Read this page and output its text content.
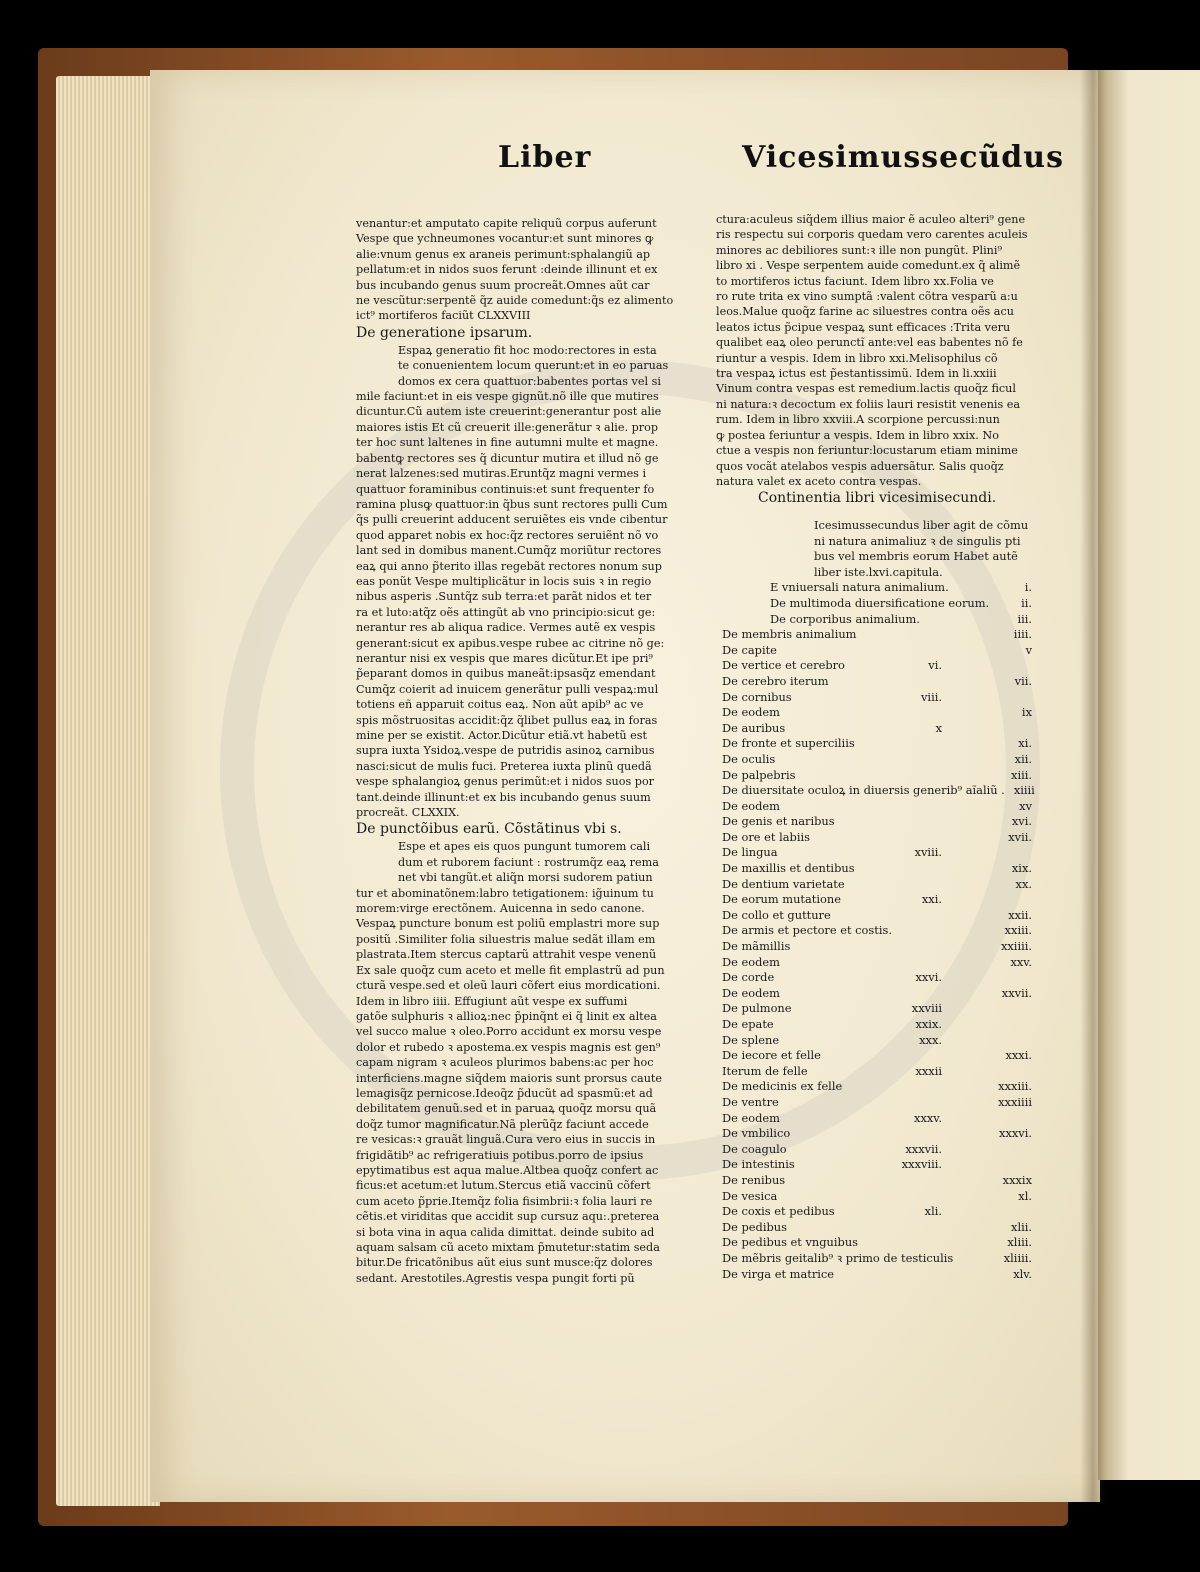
Liber	Vicesimussecũdus
venantur:et amputato capite reliquũ corpus auferunt
Vespe que ychneumones vocantur:et sunt minores ꝙ
alie:vnum genus ex araneis perimunt:sphalangiũ ap
pellatum:et in nidos suos ferunt :deinde illinunt et ex
bus incubando genus suum procreãt.Omnes aũt car
ne vescũtur:serpentẽ q̃z auide comedunt:q̃s ez alimento
ict⁹ mortiferos faciũt CLXXVIII
De generatione ipsarum.
Espaꝝ generatio fit hoc modo:rectores in esta
te conuenientem locum querunt:et in eo paruas
domos ex cera quattuor:babentes portas vel si
mile faciunt:et in eis vespe gignũt.nõ ille que mutires
dicuntur.Cũ autem iste creuerint:generantur post alie
maiores istis Et cũ creuerit ille:generãtur ꝛ alie. prop
ter hoc sunt laltenes in fine autumni multe et magne.
babentꝙ rectores ses q̃ dicuntur mutira et illud nõ ge
nerat lalzenes:sed mutiras.Eruntq̃z magni vermes i
quattuor foraminibus continuis:et sunt frequenter fo
ramina plusꝙ quattuor:in q̃bus sunt rectores pulli Cum
q̃s pulli creuerint adducent seruiẽtes eis vnde cibentur
quod apparet nobis ex hoc:q̃z rectores seruiẽnt nõ vo
lant sed in domibus manent.Cumq̃z moriũtur rectores
eaꝝ qui anno p̃terito illas regebãt rectores nonum sup
eas ponũt Vespe multiplicãtur in locis suis ꝛ in regio
nibus asperis .Suntq̃z sub terra:et parãt nidos et ter
ra et luto:atq̃z oẽs attingũt ab vno principio:sicut ge:
nerantur res ab aliqua radice. Vermes autẽ ex vespis
generant:sicut ex apibus.vespe rubee ac citrine nõ ge:
nerantur nisi ex vespis que mares dicũtur.Et ipe pri⁹
p̃eparant domos in quibus maneãt:ipsasq̃z emendant
Cumq̃z coierit ad inuicem generãtur pulli vespaꝝ:mul
totiens eñ apparuit coitus eaꝝ. Non aũt apib⁹ ac ve
spis mõstruositas accidit:q̃z q̃libet pullus eaꝝ in foras
mine per se existit. Actor.Dicũtur etiã.vt habetũ est
supra iuxta Ysidoꝝ.vespe de putridis asinoꝝ carnibus
nasci:sicut de mulis fuci. Preterea iuxta plinũ quedã
vespe sphalangioꝝ genus perimũt:et i nidos suos por
tant.deinde illinunt:et ex bis incubando genus suum
procreãt. CLXXIX.
De punctõibus earũ. Cõstãtinus vbi s.
Espe et apes eis quos pungunt tumorem cali
dum et ruborem faciunt : rostrumq̃z eaꝝ rema
net vbi tangũt.et aliq̃n morsi sudorem patiun
tur et abominatõnem:labro tetigationem: ig̃uinum tu
morem:virge erectõnem. Auicenna in sedo canone.
Vespaꝝ puncture bonum est poliũ emplastri more sup
positũ .Similiter folia siluestris malue sedãt illam em
plastrata.Item stercus captarũ attrahit vespe venenũ
Ex sale quoq̃z cum aceto et melle fit emplastrũ ad pun
cturã vespe.sed et oleũ lauri cõfert eius mordicationi.
Idem in libro iiii. Effugiunt aũt vespe ex suffumi
gatõe sulphuris ꝛ allioꝝ:nec p̃pinq̃nt ei q̃ linit ex altea
vel succo malue ꝛ oleo.Porro accidunt ex morsu vespe
dolor et rubedo ꝛ apostema.ex vespis magnis est gen⁹
capam nigram ꝛ aculeos plurimos babens:ac per hoc
interficiens.magne siq̃dem maioris sunt prorsus caute
lemagisq̃z pernicose.Ideoq̃z p̃ducũt ad spasmũ:et ad
debilitatem genuũ.sed et in paruaꝝ quoq̃z morsu quã
doq̃z tumor magnificatur.Nã plerũq̃z faciunt accede
re vesicas:ꝛ grauãt linguã.Cura vero eius in succis in
frigidãtib⁹ ac refrigeratiuis potibus.porro de ipsius
epytimatibus est aqua malue.Altbea quoq̃z confert ac
ficus:et acetum:et lutum.Stercus etiã vaccinũ cõfert
cum aceto p̃prie.Itemq̃z folia fisimbrii:ꝛ folia lauri re
cẽtis.et viriditas que accidit sup cursuz aqu:.preterea
si bota vina in aqua calida dimittat. deinde subito ad
aquam salsam cũ aceto mixtam p̃mutetur:statim seda
bitur.De fricatõnibus aũt eius sunt musce:q̃z dolores
sedant. Arestotiles.Agrestis vespa pungit forti pũ
ctura:aculeus siq̃dem illius maior ẽ aculeo alteri⁹ gene
ris respectu sui corporis quedam vero carentes aculeis
minores ac debiliores sunt:ꝛ ille non pungũt. Plini⁹
libro xi . Vespe serpentem auide comedunt.ex q̃ alimẽ
to mortiferos ictus faciunt. Idem libro xx.Folia ve
ro rute trita ex vino sumptã :valent cõtra vesparũ a:u
leos.Malue quoq̃z farine ac siluestres contra oẽs acu
leatos ictus p̃cipue vespaꝝ sunt efficaces :Trita veru
qualibet eaꝝ oleo perunctĩ ante:vel eas babentes nõ fe
riuntur a vespis. Idem in libro xxi.Melisophilus cõ
tra vespaꝝ ictus est p̃estantissimũ. Idem in li.xxiii
Vinum contra vespas est remedium.lactis quoq̃z ficul
ni natura:ꝛ decoctum ex foliis lauri resistit venenis ea
rum. Idem in libro xxviii.A scorpione percussi:nun
ꝙ postea feriuntur a vespis. Idem in libro xxix. No
ctue a vespis non feriuntur:locustarum etiam minime
quos vocãt atelabos vespis aduersãtur. Salis quoq̃z
natura valet ex aceto contra vespas.
Continentia libri vicesimisecundi.
Icesimussecundus liber agit de cõmu
ni natura animaliuz ꝛ de singulis pti
bus vel membris eorum Habet autẽ
liber iste.lxvi.capitula.
E vniuersali natura animalium.	i.
De multimoda diuersificatione eorum.	ii.
De corporibus animalium.	iii.
De membris animalium	iiii.
De capite	v
De vertice et cerebro	vi.
De cerebro iterum	vii.
De cornibus	viii.
De eodem	ix
De auribus	x
De fronte et superciliis	xi.
De oculis	xii.
De palpebris	xiii.
De diuersitate oculoꝝ in diuersis generib⁹ aĩaliũ . xiiii
De eodem	xv
De genis et naribus	xvi.
De ore et labiis	xvii.
De lingua	xviii.
De maxillis et dentibus	xix.
De dentium varietate	xx.
De eorum mutatione	xxi.
De collo et gutture	xxii.
De armis et pectore et costis.	xxiii.
De mãmillis	xxiiii.
De eodem	xxv.
De corde	xxvi.
De eodem	xxvii.
De pulmone	xxviii
De epate	xxix.
De splene	xxx.
De iecore et felle	xxxi.
Iterum de felle	xxxii
De medicinis ex felle	xxxiii.
De ventre	xxxiiii
De eodem	xxxv.
De vmbilico	xxxvi.
De coagulo	xxxvii.
De intestinis	xxxviii.
De renibus	xxxix
De vesica	xl.
De coxis et pedibus	xli.
De pedibus	xlii.
De pedibus et vnguibus	xliii.
De mẽbris geitalib⁹ ꝛ primo de testiculis	xliiii.
De virga et matrice	xlv.
